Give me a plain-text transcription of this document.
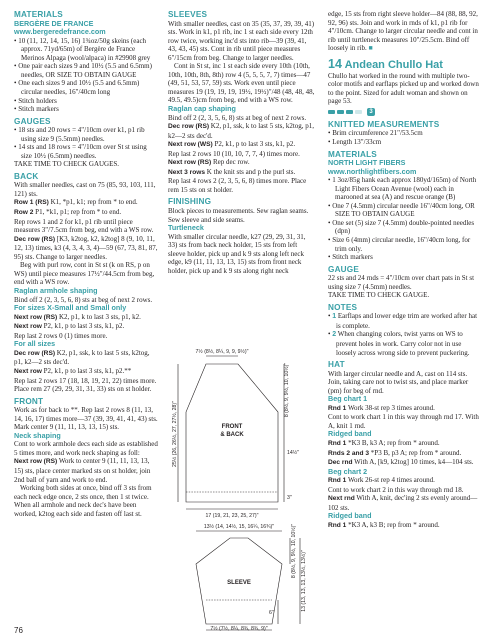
MATERIALS
BERGÈRE DE FRANCE
www.bergeredefrance.com
• 10 (11, 12, 14, 15, 16) 1¾oz/50g skeins (each approx. 71yd/65m) of Bergère de France Merinos Alpaga (wool/alpaca) in #29908 grey
• One pair each sizes 9 and 10½ (5.5 and 6.5mm) needles, OR SIZE TO OBTAIN GAUGE
• One each sizes 9 and 10½ (5.5 and 6.5mm) circular needles, 16"/40cm long
• Stitch holders
• Stitch markers
GAUGES
• 18 sts and 20 rows = 4"/10cm over k1, p1 rib using size 9 (5.5mm) needles.
• 14 sts and 18 rows = 4"/10cm over St st using size 10½ (6.5mm) needles.

TAKE TIME TO CHECK GAUGES.

BACK

With smaller needles, cast on 75 (85, 93, 103, 111, 121) sts.

Row 1 (RS) K1, *p1, k1; rep from * to end.

Row 2 P1, *k1, p1; rep from * to end.

Rep rows 1 and 2 for k1, p1 rib until piece measures 3"/7.5cm from beg, end with a WS row.

Dec row (RS) [K3, k2tog, k2, k2tog] 8 (9, 10, 11, 12, 13) times, k3 (4, 3, 4, 3, 4)—59 (67, 73, 81, 87, 95) sts. Change to larger needles.

Beg with purl row, cont in St st (k on RS, p on WS) until piece measures 17½"/44.5cm from beg, end with a WS row.

Raglan armhole shaping

Bind off 2 (2, 3, 5, 6, 8) sts at beg of next 2 rows.

For sizes X-Small and Small only

Next row (RS) K2, p1, k to last 3 sts, p1, k2.

Next row P2, k1, p to last 3 sts, k1, p2.

Rep last 2 rows 0 (1) times more.

For all sizes

Dec row (RS) K2, p1, ssk, k to last 5 sts, k2tog, p1, k2—2 sts dec'd.

Next row P2, k1, p to last 3 sts, k1, p2.**

Rep last 2 rows 17 (18, 18, 19, 21, 22) times more. Place rem 27 (29, 29, 31, 31, 33) sts on st holder.

FRONT

Work as for back to **. Rep last 2 rows 8 (11, 13, 14, 16, 17) times more—37 (39, 39, 41, 41, 43) sts. Mark center 9 (11, 11, 13, 13, 15) sts.

Neck shaping

Cont to work armhole decs each side as established 5 times more, and work neck shaping as foll:

Next row (RS) Work to center 9 (11, 11, 13, 13, 15) sts, place center marked sts on st holder, join 2nd ball of yarn and work to end.

Working both sides at once, bind off 3 sts from each neck edge once, 2 sts once, then 1 st twice. When all armhole and neck dec's have been worked, k2tog each side and fasten off last st.

SLEEVES

With smaller needles, cast on 35 (35, 37, 39, 39, 41) sts. Work in k1, p1 rib, inc 1 st each side every 12th row twice, working inc'd sts into rib—39 (39, 41, 43, 43, 45) sts. Cont in rib until piece measures 6"/15cm from beg. Change to larger needles.

Cont in St st, inc 1 st each side every 10th (10th, 10th, 10th, 8th, 8th) row 4 (5, 5, 5, 7, 7) times—47 (49, 51, 53, 57, 59) sts. Work even until piece measures 19 (19, 19, 19, 19½, 19½)"/48 (48, 48, 48, 49.5, 49.5)cm from beg, end with a WS row.

Raglan cap shaping

Bind off 2 (2, 3, 5, 6, 8) sts at beg of next 2 rows.

Dec row (RS) K2, p1, ssk, k to last 5 sts, k2tog, p1, k2—2 sts dec'd.

Next row (WS) P2, k1, p to last 3 sts, k1, p2.

Rep last 2 rows 10 (10, 10, 7, 7, 4) times more.

Next row (RS) Rep dec row.

Next 3 rows K the knit sts and p the purl sts.

Rep last 4 rows 2 (2, 3, 5, 6, 8) times more. Place rem 15 sts on st holder.

FINISHING

Block pieces to measurements. Sew raglan seams. Sew sleeve and side seams.

Turtleneck

With smaller circular needle, k27 (29, 29, 31, 31, 33) sts from back neck holder, 15 sts from left sleeve holder, pick up and k 9 sts along left neck edge, k9 (11, 11, 13, 13, 15) sts from front neck holder, pick up and k 9 sts along right neck

7½ (8½, 8¼, 9, 9, 9½)"
8 (8½, 9, 9½, 10, 10½)"
25½ (26, 26½, 27, 27½, 28)"	FRONT
& BACK
14½"
3"
17 (19, 21, 23, 25, 27)"
13½ (14, 14½, 15, 16¼, 16¾)"	8 (8½, 9, 9½, 10, 10½)" 13 (13, 13, 13, 13½, 13½)"
SLEEVE
6"
7½ (7½, 8¼, 8¾, 8¾, 9)"

edge, 15 sts from right sleeve holder—84 (88, 88, 92, 92, 96) sts. Join and work in rnds of k1, p1 rib for 4"/10cm. Change to larger circular needle and cont in rib until turtleneck measures 10"/25.5cm. Bind off loosely in rib. ■

14 Andean Chullo Hat

Chullo hat worked in the round with multiple two-color motifs and earflaps picked up and worked down to the point. Sized for adult woman and shown on page 53.

3
KNITTED MEASUREMENTS
• Brim circumference 21"/53.5cm
• Length 13"/33cm
MATERIALS
NORTH LIGHT FIBERS
www.northlightfibers.com
• 1 3oz/85g hank each approx 180yd/165m) of North Light Fibers Ocean Avenue (wool) each in marooned at sea (A) and rescue orange (B)
• One 7 (4.5mm) circular needle 16"/40cm long, OR SIZE TO OBTAIN GAUGE
• One set (5) size 7 (4.5mm) double-pointed needles (dpn)
• Size 6 (4mm) circular needle, 16"/40cm long, for trim only.
• Stitch markers
GAUGE

22 sts and 24 rnds = 4"/10cm over chart pats in St st using size 7 (4.5mm) needles.

TAKE TIME TO CHECK GAUGE.

NOTES
• 1 Earflaps and lower edge trim are worked after hat is complete.
• 2 When changing colors, twist yarns on WS to prevent holes in work. Carry color not in use loosely across wrong side to prevent puckering.
HAT

With larger circular needle and A, cast on 114 sts. Join, taking care not to twist sts, and place marker (pm) for beg of rnd.

Beg chart 1

Rnd 1 Work 38-st rep 3 times around.

Cont to work chart 1 in this way through rnd 17. With A, knit 1 rnd.

Ridged band

Rnd 1 *K3 B, k3 A; rep from * around.

Rnds 2 and 3 *P3 B, p3 A; rep from * around.

Dec rnd With A, [k9, k2tog] 10 times, k4—104 sts.

Beg chart 2

Rnd 1 Work 26-st rep 4 times around.

Cont to work chart 2 in this way through rnd 18.

Next rnd With A, knit, dec'ing 2 sts evenly around—102 sts.

Ridged band

Rnd 1 *K3 A, k3 B; rep from * around.

76
